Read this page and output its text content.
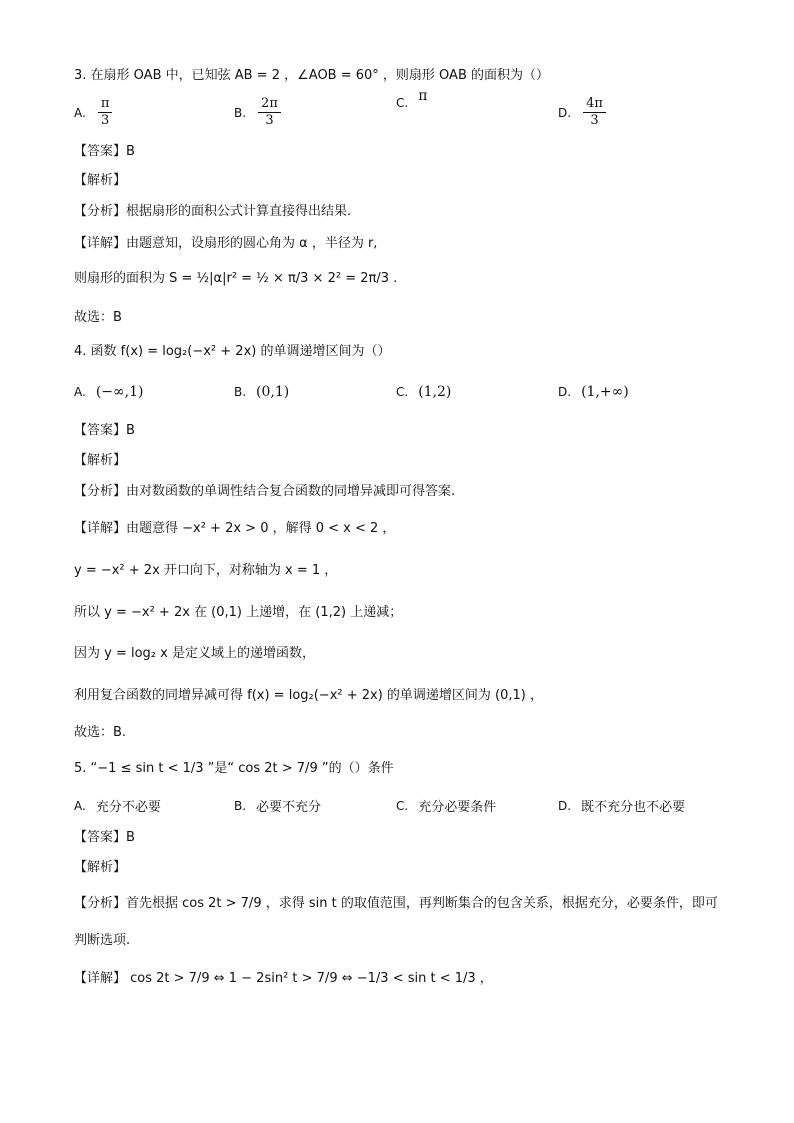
3. 在扇形 OAB 中，已知弦 AB = 2 ，∠AOB = 60° ，则扇形 OAB 的面积为（）
A. $\frac{\pi}{3}$	B. $\frac{2\pi}{3}$	C. π
D. $\frac{4\pi}{3}$
【答案】B
【解析】
【分析】根据扇形的面积公式计算直接得出结果.
【详解】由题意知，设扇形的圆心角为 α ，半径为 r,
则扇形的面积为 S = ½|α|r² = ½ × π/3 × 2² = 2π/3 .
故选：B
4. 函数 f(x) = log₂(−x² + 2x) 的单调递增区间为（）
A. (−∞,1)	B. (0,1)	C. (1,2)	D. (1,+∞)
【答案】B
【解析】
【分析】由对数函数的单调性结合复合函数的同增异减即可得答案.
【详解】由题意得 −x² + 2x > 0 ，解得 0 < x < 2 ，
y = −x² + 2x 开口向下，对称轴为 x = 1 ，
所以 y = −x² + 2x 在 (0,1) 上递增，在 (1,2) 上递减；
因为 y = log₂ x 是定义域上的递增函数，
利用复合函数的同增异减可得 f(x) = log₂(−x² + 2x) 的单调递增区间为 (0,1) ，
故选：B.
5. “−1 ≤ sin t < 1/3 ”是“ cos 2t > 7/9 ”的（）条件
A. 充分不必要	B. 必要不充分	C. 充分必要条件	D. 既不充分也不必要
【答案】B
【解析】
【分析】首先根据 cos 2t > 7/9 ，求得 sin t 的取值范围，再判断集合的包含关系，根据充分，必要条件，即可
判断选项.
【详解】 cos 2t > 7/9 ⇔ 1 − 2sin² t > 7/9 ⇔ −1/3 < sin t < 1/3 ，
